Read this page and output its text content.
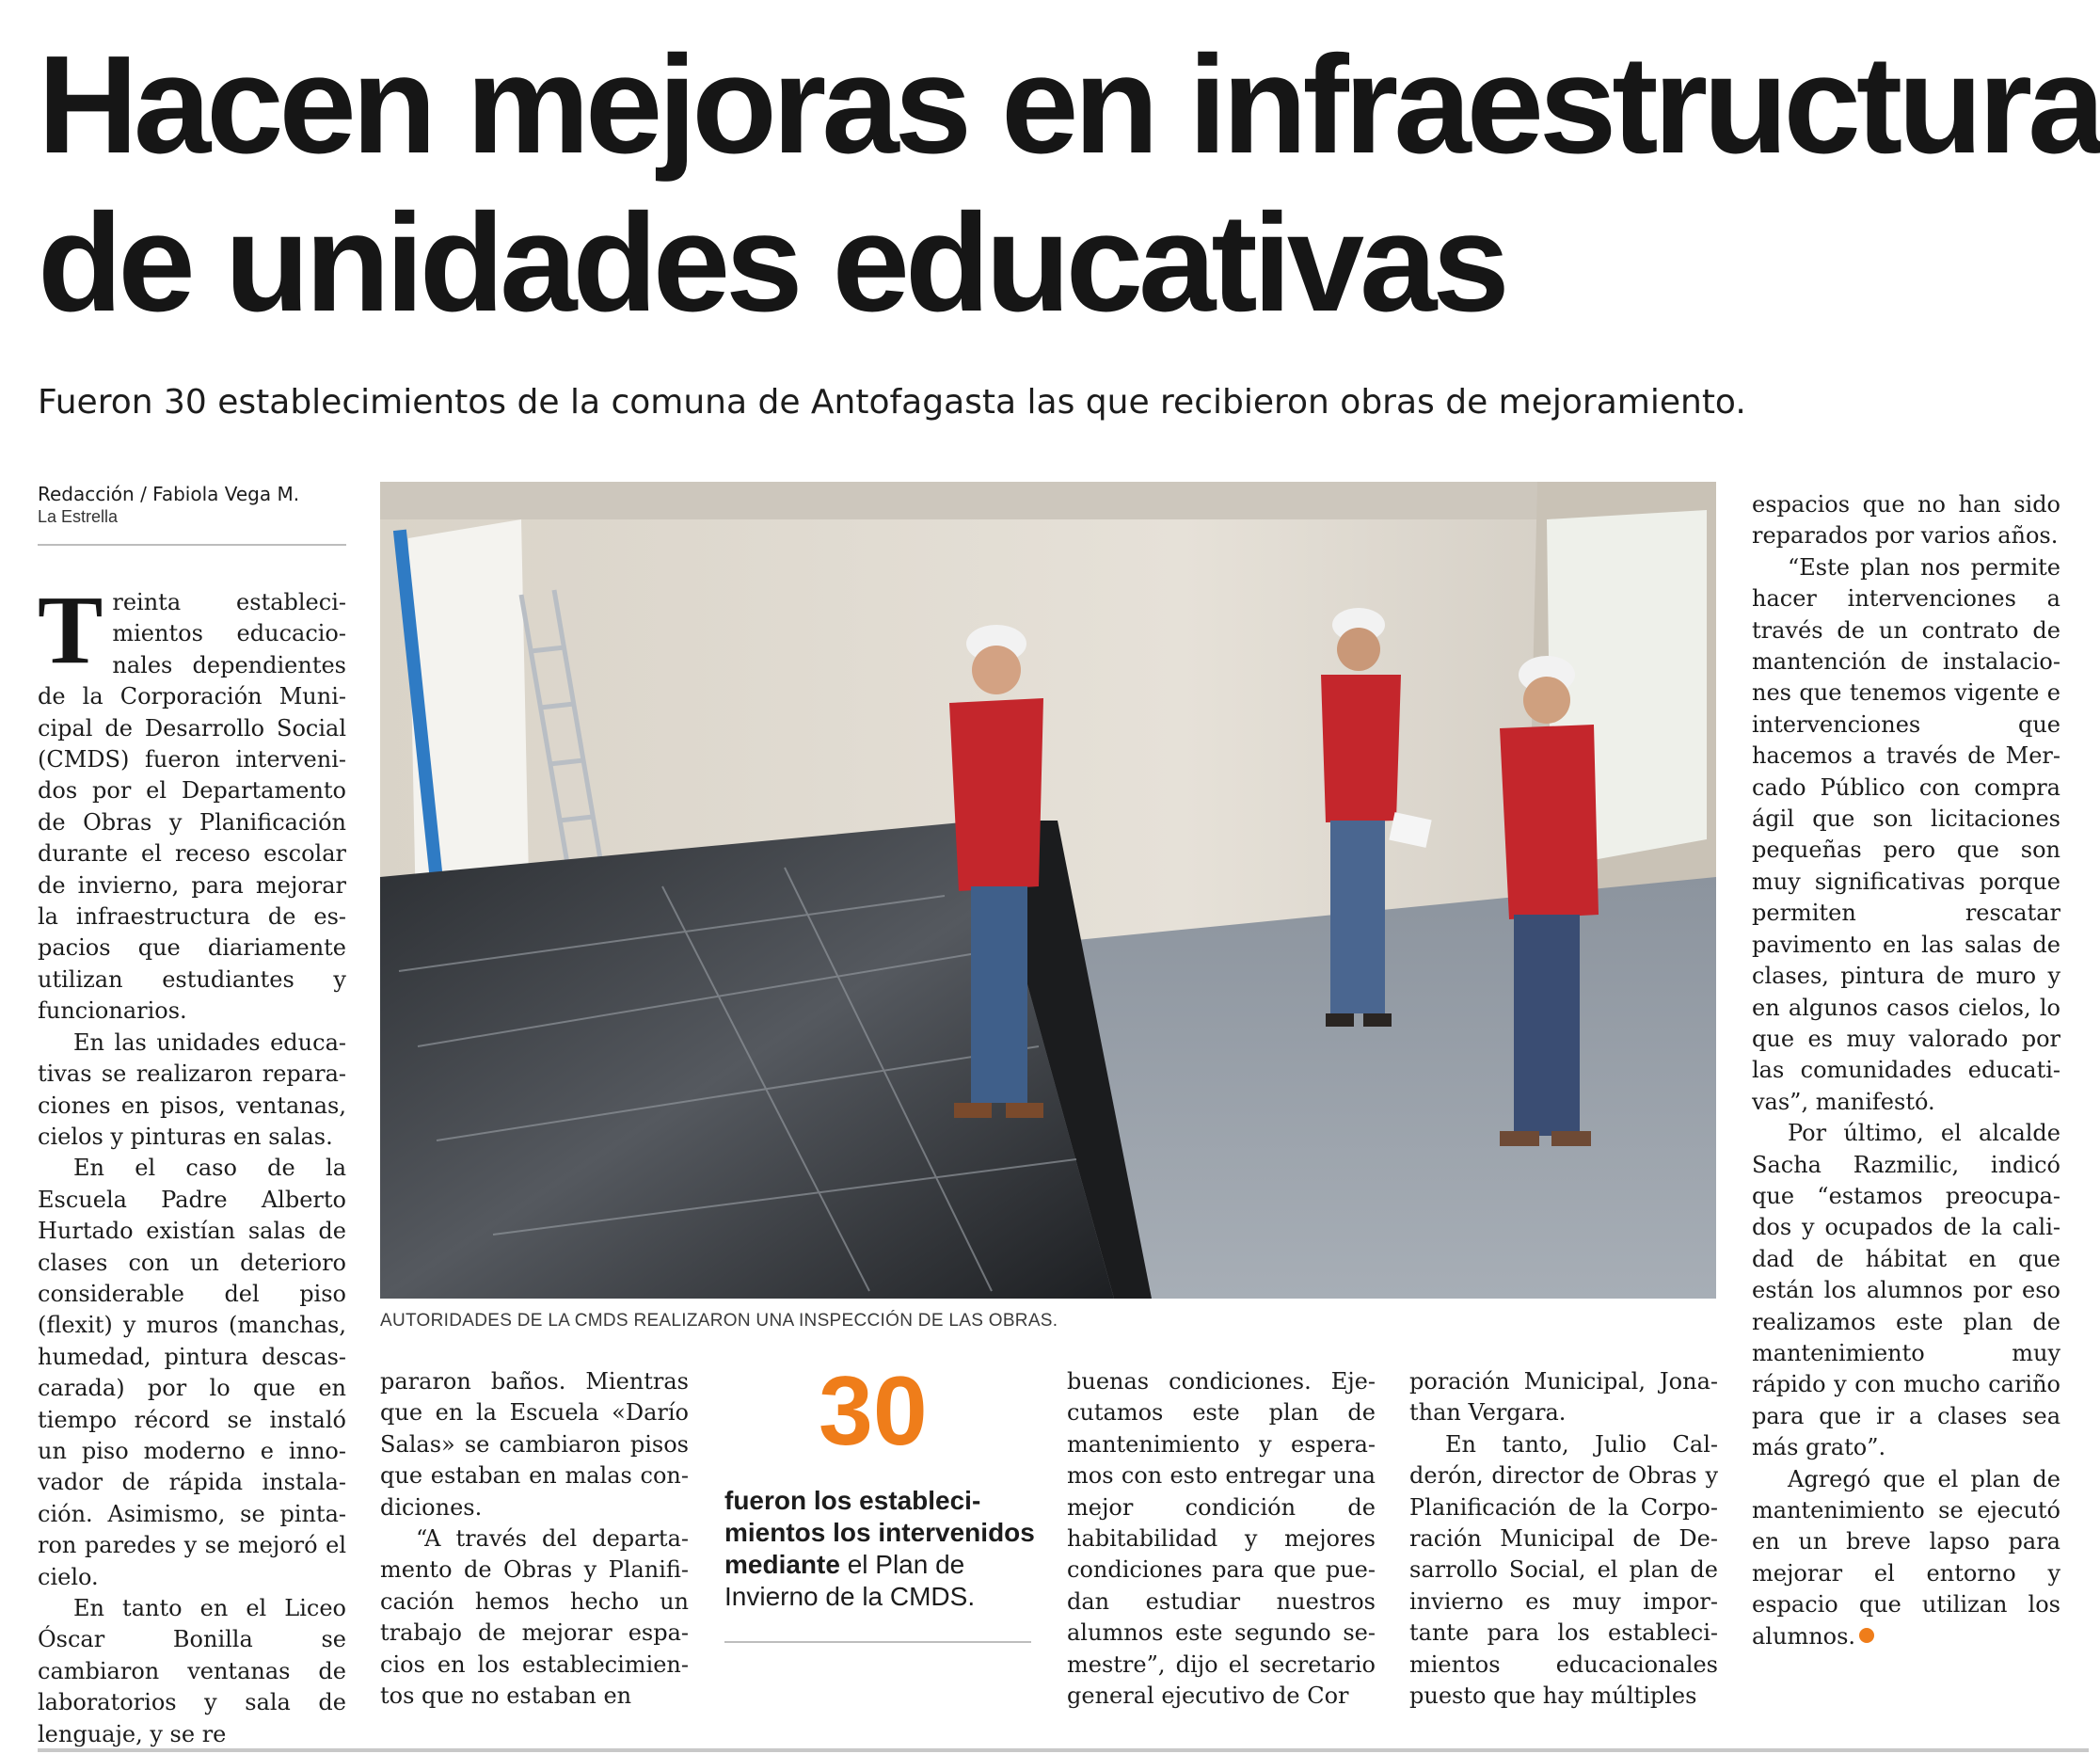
Hacen mejoras en infraestructura
de unidades educativas
Fueron 30 establecimientos de la comuna de Antofagasta las que recibieron obras de mejoramiento.
Redacción / Fabiola Vega M.
La Estrella

Treinta establecimientos educacionales dependientes de la Corporación Municipal de Desarrollo Social (CMDS) fueron intervenidos por el Departamento de Obras y Planificación durante el receso escolar de invierno, para mejorar la infraestructura de espacios que diariamente utilizan estudiantes y funcionarios.

En las unidades educativas se realizaron reparaciones en pisos, ventanas, cielos y pinturas en salas.

En el caso de la Escuela Padre Alberto Hurtado existían salas de clases con un deterioro considerable del piso (flexit) y muros (manchas, humedad, pintura descascarada) por lo que en tiempo récord se instaló un piso moderno e innovador de rápida instalación. Asimismo, se pintaron paredes y se mejoró el cielo.

En tanto en el Liceo Óscar Bonilla se cambiaron ventanas de laboratorios y sala de lenguaje, y se re

AUTORIDADES DE LA CMDS REALIZARON UNA INSPECCIÓN DE LAS OBRAS.
30
fueron los establecimientos los intervenidos mediante el Plan de Invierno de la CMDS.

pararon baños. Mientras que en la Escuela «Darío Salas» se cambiaron pisos que estaban en malas condiciones.

“A través del departamento de Obras y Planificación hemos hecho un trabajo de mejorar espacios en los establecimientos que no estaban en

buenas condiciones. Ejecutamos este plan de mantenimiento y esperamos con esto entregar una mejor condición de habitabilidad y mejores condiciones para que puedan estudiar nuestros alumnos este segundo semestre”, dijo el secretario general ejecutivo de Cor

poración Municipal, Jonathan Vergara.

En tanto, Julio Calderón, director de Obras y Planificación de la Corporación Municipal de Desarrollo Social, el plan de invierno es muy importante para los establecimientos educacionales puesto que hay múltiples

espacios que no han sido reparados por varios años.

“Este plan nos permite hacer intervenciones a través de un contrato de mantención de instalaciones que tenemos vigente e intervenciones que hacemos a través de Mercado Público con compra ágil que son licitaciones pequeñas pero que son muy significativas porque permiten rescatar pavimento en las salas de clases, pintura de muro y en algunos casos cielos, lo que es muy valorado por las comunidades educativas”, manifestó.

Por último, el alcalde Sacha Razmilic, indicó que “estamos preocupados y ocupados de la calidad de hábitat en que están los alumnos por eso realizamos este plan de mantenimiento muy rápido y con mucho cariño para que ir a clases sea más grato”.

Agregó que el plan de mantenimiento se ejecutó en un breve lapso para mejorar el entorno y espacio que utilizan los alumnos.
